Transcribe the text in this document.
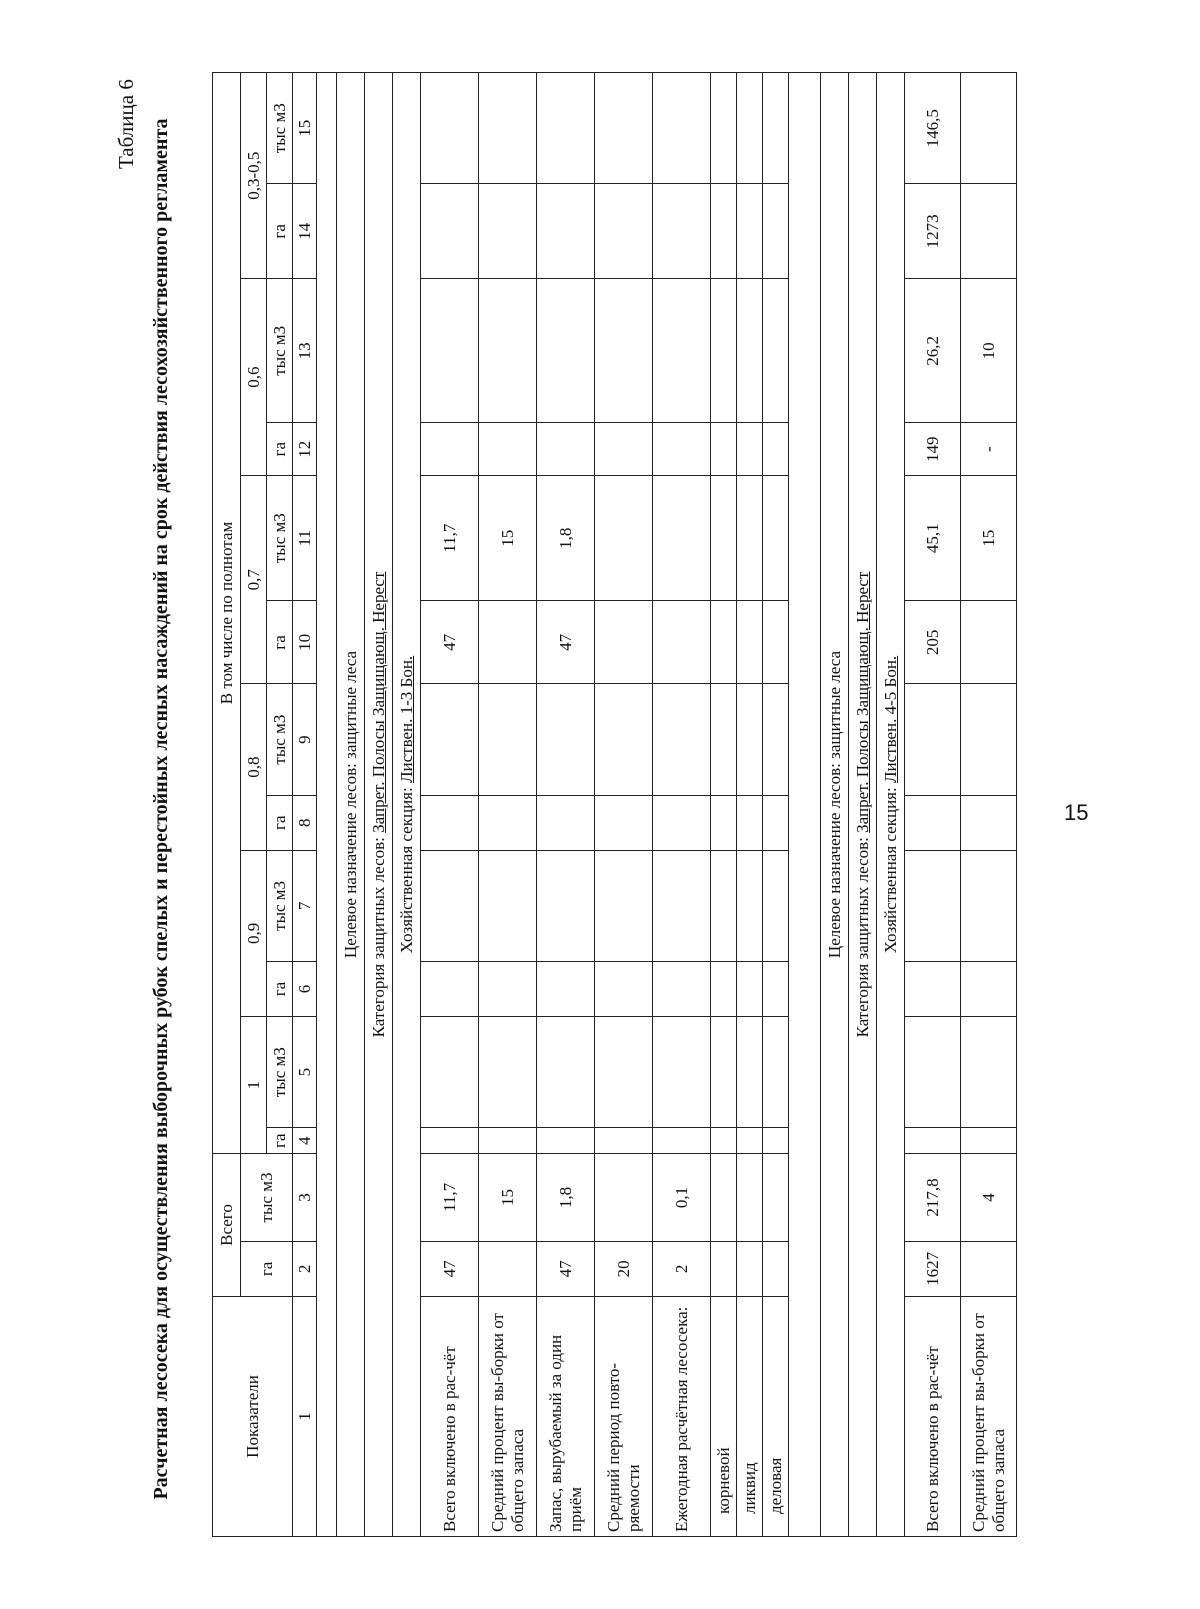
15
Таблица 6 Расчетная лесосека для осуществления выборочных рубок спелых и перестойных лесных насаждений на срок действия лесохозяйственного регламента	Показатели	Всего		В том числе по полнотам											
	га	тыс м3	1		0,9		0,8		0,7		0,6		0,3-0,5	
			га	тыс м3	га	тыс м3	га	тыс м3	га	тыс м3	га	тыс м3	га	тыс м3
1	2	3	4	5	6	7	8	9	10	11	12	13	14	15

Целевое назначение лесов: защитные леса														
Категория защитных лесов: Запрет. Полосы Защищающ. Нерест														
Хозяйственная секция: Листвен. 1-3 Бон.														
Всего включено в рас-чёт	47	11,7							47	11,7				
Средний процент вы-борки от общего запаса		15								15				
Запас, вырубаемый за один приём	47	1,8							47	1,8				
Средний период повто-ряемости	20													
Ежегодная расчётная лесосека:	2	0,1												
корневой														
ликвид														
деловая														

Целевое назначение лесов: защитные леса														
Категория защитных лесов: Запрет. Полосы Защищающ. Нерест														
Хозяйственная секция: Листвен. 4-5 Бон.														
Всего включено в рас-чёт	1627	217,8							205	45,1	149	26,2	1273	146,5
Средний процент вы-борки от общего запаса		4								15	-	10		
